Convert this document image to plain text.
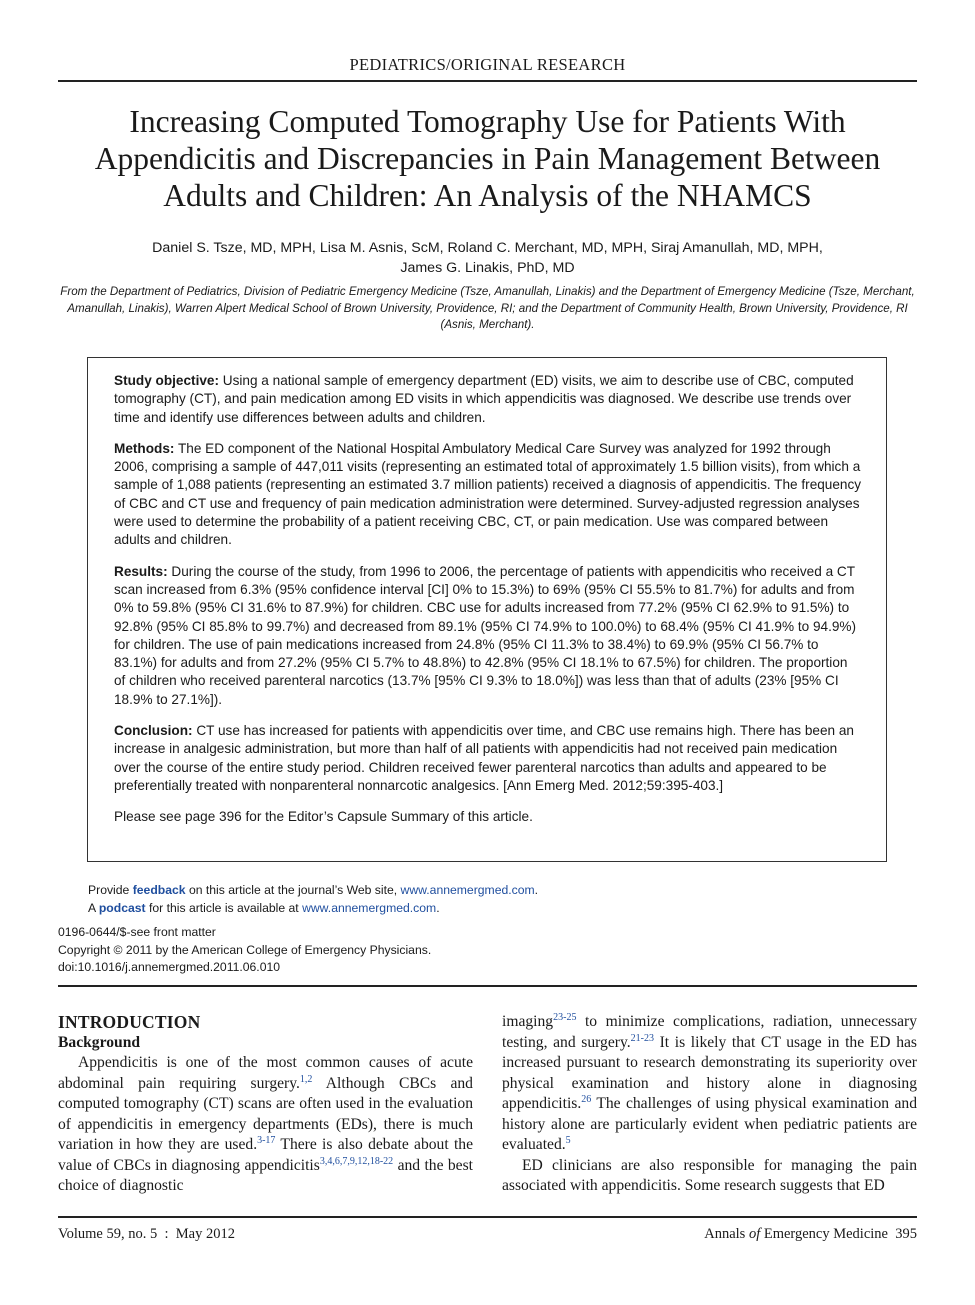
PEDIATRICS/ORIGINAL RESEARCH
Increasing Computed Tomography Use for Patients With Appendicitis and Discrepancies in Pain Management Between Adults and Children: An Analysis of the NHAMCS
Daniel S. Tsze, MD, MPH, Lisa M. Asnis, ScM, Roland C. Merchant, MD, MPH, Siraj Amanullah, MD, MPH,
James G. Linakis, PhD, MD
From the Department of Pediatrics, Division of Pediatric Emergency Medicine (Tsze, Amanullah, Linakis) and the Department of Emergency Medicine (Tsze, Merchant, Amanullah, Linakis), Warren Alpert Medical School of Brown University, Providence, RI; and the Department of Community Health, Brown University, Providence, RI (Asnis, Merchant).

Study objective: Using a national sample of emergency department (ED) visits, we aim to describe use of CBC, computed tomography (CT), and pain medication among ED visits in which appendicitis was diagnosed. We describe use trends over time and identify use differences between adults and children.

Methods: The ED component of the National Hospital Ambulatory Medical Care Survey was analyzed for 1992 through 2006, comprising a sample of 447,011 visits (representing an estimated total of approximately 1.5 billion visits), from which a sample of 1,088 patients (representing an estimated 3.7 million patients) received a diagnosis of appendicitis. The frequency of CBC and CT use and frequency of pain medication administration were determined. Survey-adjusted regression analyses were used to determine the probability of a patient receiving CBC, CT, or pain medication. Use was compared between adults and children.

Results: During the course of the study, from 1996 to 2006, the percentage of patients with appendicitis who received a CT scan increased from 6.3% (95% confidence interval [CI] 0% to 15.3%) to 69% (95% CI 55.5% to 81.7%) for adults and from 0% to 59.8% (95% CI 31.6% to 87.9%) for children. CBC use for adults increased from 77.2% (95% CI 62.9% to 91.5%) to 92.8% (95% CI 85.8% to 99.7%) and decreased from 89.1% (95% CI 74.9% to 100.0%) to 68.4% (95% CI 41.9% to 94.9%) for children. The use of pain medications increased from 24.8% (95% CI 11.3% to 38.4%) to 69.9% (95% CI 56.7% to 83.1%) for adults and from 27.2% (95% CI 5.7% to 48.8%) to 42.8% (95% CI 18.1% to 67.5%) for children. The proportion of children who received parenteral narcotics (13.7% [95% CI 9.3% to 18.0%]) was less than that of adults (23% [95% CI 18.9% to 27.1%]).

Conclusion: CT use has increased for patients with appendicitis over time, and CBC use remains high. There has been an increase in analgesic administration, but more than half of all patients with appendicitis had not received pain medication over the course of the entire study period. Children received fewer parenteral narcotics than adults and appeared to be preferentially treated with nonparenteral nonnarcotic analgesics. [Ann Emerg Med. 2012;59:395-403.]

Please see page 396 for the Editor’s Capsule Summary of this article.

Provide feedback on this article at the journal’s Web site, www.annemergmed.com.
A podcast for this article is available at www.annemergmed.com.
0196-0644/$-see front matter
Copyright © 2011 by the American College of Emergency Physicians.
doi:10.1016/j.annemergmed.2011.06.010
INTRODUCTION
Background

Appendicitis is one of the most common causes of acute abdominal pain requiring surgery.$^{1,2}$ Although CBCs and computed tomography (CT) scans are often used in the evaluation of appendicitis in emergency departments (EDs), there is much variation in how they are used.$^{3-17}$ There is also debate about the value of CBCs in diagnosing appendicitis$^{3,4,6,7,9,12,18-22}$ and the best choice of diagnostic

imaging$^{23-25}$ to minimize complications, radiation, unnecessary testing, and surgery.$^{21-23}$ It is likely that CT usage in the ED has increased pursuant to research demonstrating its superiority over physical examination and history alone in diagnosing appendicitis.$^{26}$ The challenges of using physical examination and history alone are particularly evident when pediatric patients are evaluated.$^5$

ED clinicians are also responsible for managing the pain associated with appendicitis. Some research suggests that ED

Volume 59, no. 5 : May 2012	Annals of Emergency Medicine 395
